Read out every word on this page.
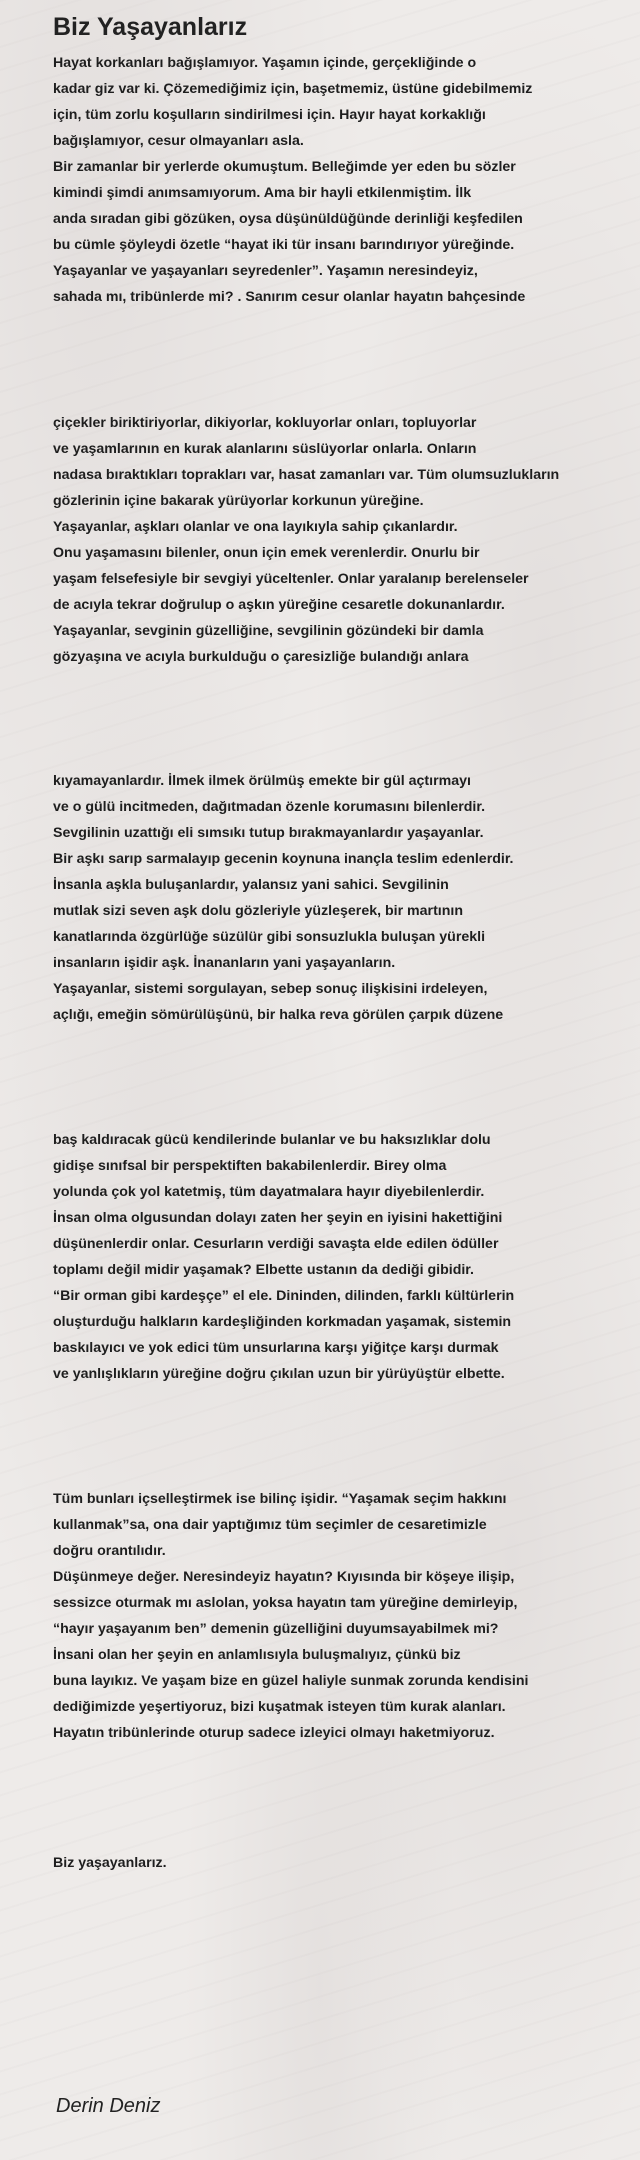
Biz Yaşayanlarız
Hayat korkanları bağışlamıyor. Yaşamın içinde, gerçekliğinde o
kadar giz var ki. Çözemediğimiz için, başetmemiz, üstüne gidebilmemiz
için, tüm zorlu koşulların sindirilmesi için. Hayır hayat korkaklığı
bağışlamıyor, cesur olmayanları asla.
Bir zamanlar bir yerlerde okumuştum. Belleğimde yer eden bu sözler
kimindi şimdi anımsamıyorum. Ama bir hayli etkilenmiştim. İlk
anda sıradan gibi gözüken, oysa düşünüldüğünde derinliği keşfedilen
bu cümle şöyleydi özetle “hayat iki tür insanı barındırıyor yüreğinde.
Yaşayanlar ve yaşayanları seyredenler”. Yaşamın neresindeyiz,
sahada mı, tribünlerde mi? . Sanırım cesur olanlar hayatın bahçesinde
çiçekler biriktiriyorlar, dikiyorlar, kokluyorlar onları, topluyorlar
ve yaşamlarının en kurak alanlarını süslüyorlar onlarla. Onların
nadasa bıraktıkları toprakları var, hasat zamanları var. Tüm olumsuzlukların
gözlerinin içine bakarak yürüyorlar korkunun yüreğine.
Yaşayanlar, aşkları olanlar ve ona layıkıyla sahip çıkanlardır.
Onu yaşamasını bilenler, onun için emek verenlerdir. Onurlu bir
yaşam felsefesiyle bir sevgiyi yüceltenler. Onlar yaralanıp berelenseler
de acıyla tekrar doğrulup o aşkın yüreğine cesaretle dokunanlardır.
Yaşayanlar, sevginin güzelliğine, sevgilinin gözündeki bir damla
gözyaşına ve acıyla burkulduğu o çaresizliğe bulandığı anlara
kıyamayanlardır. İlmek ilmek örülmüş emekte bir gül açtırmayı
ve o gülü incitmeden, dağıtmadan özenle korumasını bilenlerdir.
Sevgilinin uzattığı eli sımsıkı tutup bırakmayanlardır yaşayanlar.
Bir aşkı sarıp sarmalayıp gecenin koynuna inançla teslim edenlerdir.
İnsanla aşkla buluşanlardır, yalansız yani sahici. Sevgilinin
mutlak sizi seven aşk dolu gözleriyle yüzleşerek, bir martının
kanatlarında özgürlüğe süzülür gibi sonsuzlukla buluşan yürekli
insanların işidir aşk. İnananların yani yaşayanların.
Yaşayanlar, sistemi sorgulayan, sebep sonuç ilişkisini irdeleyen,
açlığı, emeğin sömürülüşünü, bir halka reva görülen çarpık düzene
baş kaldıracak gücü kendilerinde bulanlar ve bu haksızlıklar dolu
gidişe sınıfsal bir perspektiften bakabilenlerdir. Birey olma
yolunda çok yol katetmiş, tüm dayatmalara hayır diyebilenlerdir.
İnsan olma olgusundan dolayı zaten her şeyin en iyisini hakettiğini
düşünenlerdir onlar. Cesurların verdiği savaşta elde edilen ödüller
toplamı değil midir yaşamak? Elbette ustanın da dediği gibidir.
“Bir orman gibi kardeşçe” el ele. Dininden, dilinden, farklı kültürlerin
oluşturduğu halkların kardeşliğinden korkmadan yaşamak, sistemin
baskılayıcı ve yok edici tüm unsurlarına karşı yiğitçe karşı durmak
ve yanlışlıkların yüreğine doğru çıkılan uzun bir yürüyüştür elbette.
Tüm bunları içselleştirmek ise bilinç işidir. “Yaşamak seçim hakkını
kullanmak”sa, ona dair yaptığımız tüm seçimler de cesaretimizle
doğru orantılıdır.
Düşünmeye değer. Neresindeyiz hayatın? Kıyısında bir köşeye ilişip,
sessizce oturmak mı aslolan, yoksa hayatın tam yüreğine demirleyip,
“hayır yaşayanım ben” demenin güzelliğini duyumsayabilmek mi?
İnsani olan her şeyin en anlamlısıyla buluşmalıyız, çünkü biz
buna layıkız. Ve yaşam bize en güzel haliyle sunmak zorunda kendisini
dediğimizde yeşertiyoruz, bizi kuşatmak isteyen tüm kurak alanları.
Hayatın tribünlerinde oturup sadece izleyici olmayı haketmiyoruz.

Biz yaşayanlarız.

Derin Deniz
